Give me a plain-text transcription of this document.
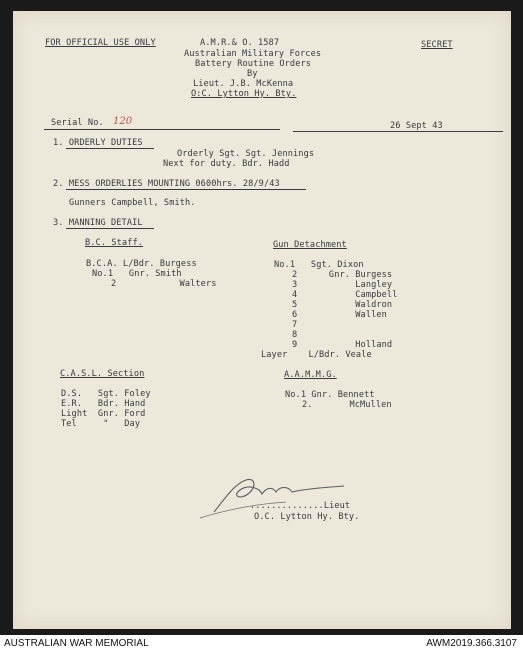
FOR OFFICIAL USE ONLY	SECRET
A.M.R.& O. 1587
Australian Military Forces
Battery Routine Orders
By
Lieut. J.B. McKenna
O:C. Lytton Hy. Bty.
Serial No. 120	26 Sept 43
1. ORDERLY DUTIES
Orderly Sgt. Sgt. Jennings
Next for duty. Bdr. Hadd
2. MESS ORDERLIES MOUNTING 0600hrs. 28/9/43
Gunners Campbell, Smith.
3. MANNING DETAIL
B.C. Staff.
B.C.A. L/Bdr. Burgess
No.1   Gnr. Smith
2            Walters
Gun Detachment
No.1   Sgt. Dixon
2      Gnr. Burgess
3           Langley
4           Campbell
5           Waldron
6           Wallen
7
8
9           Holland
Layer    L/Bdr. Veale
C.A.S.L. Section
D.S.   Sgt. Foley
E.R.   Bdr. Hand
Light  Gnr. Ford
Tel     "   Day
A.A.M.M.G.
No.1 Gnr. Bennett
2.       McMullen
..............Lieut
O.C. Lytton Hy. Bty.
AUSTRALIAN WAR MEMORIAL	AWM2019.366.3107
